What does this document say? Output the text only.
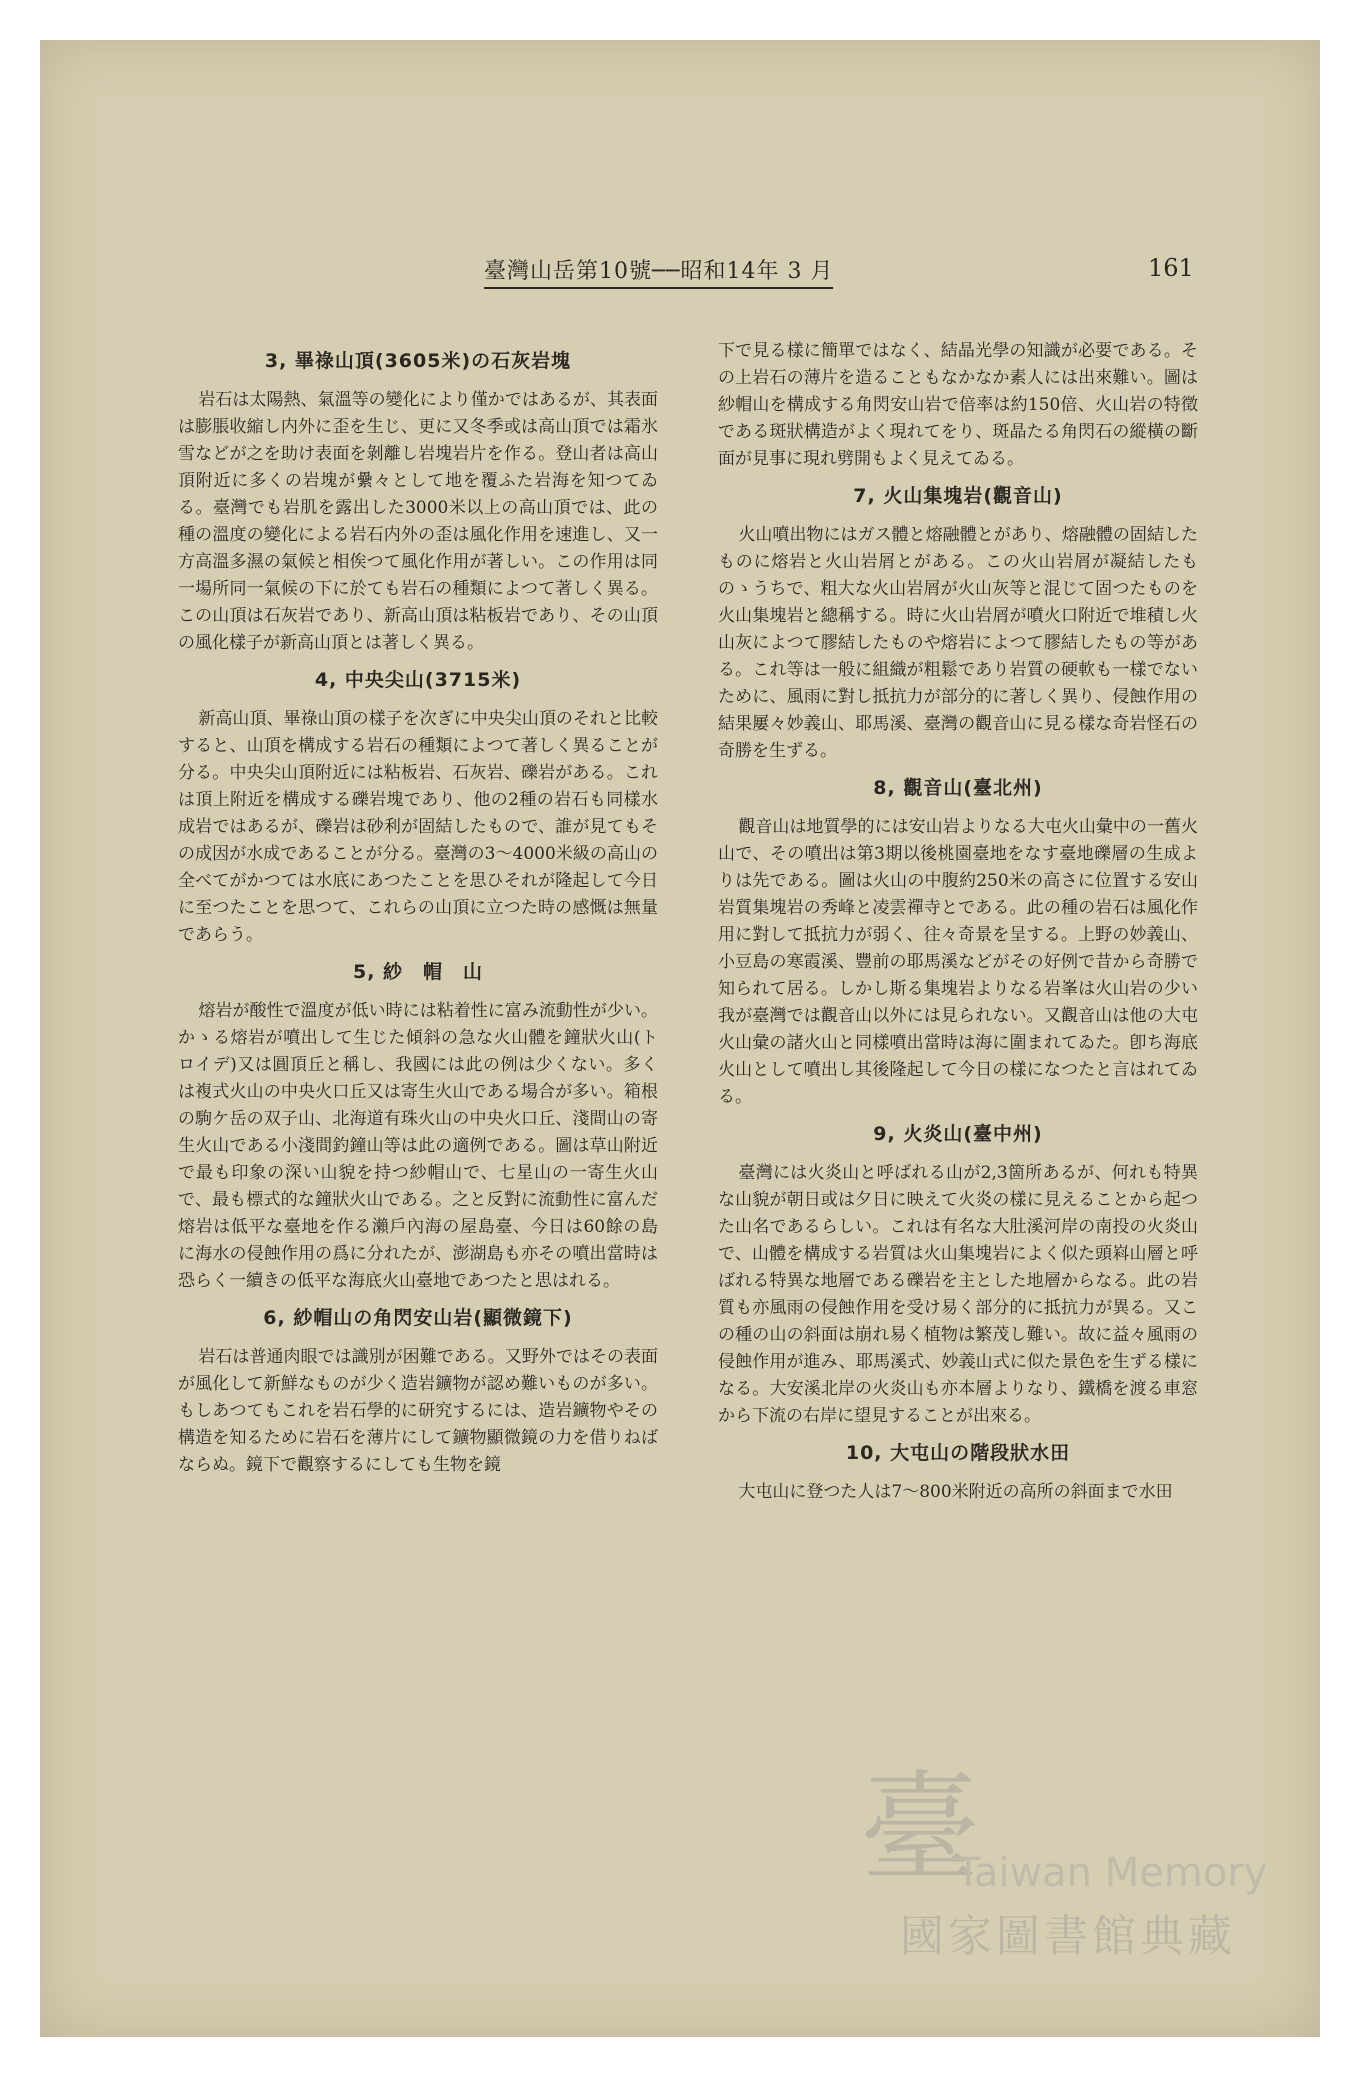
臺灣山岳第10號──昭和14年 3 月	161
3, 畢祿山頂(3605米)の石灰岩塊

岩石は太陽熱、氣溫等の變化により僅かではあるが、其表面は膨脹收縮し内外に歪を生じ、更に又冬季或は高山頂では霜氷雪などが之を助け表面を剝離し岩塊岩片を作る。登山者は高山頂附近に多くの岩塊が纍々として地を覆ふた岩海を知つてゐる。臺灣でも岩肌を露出した3000米以上の高山頂では、此の種の溫度の變化による岩石内外の歪は風化作用を速進し、又一方高溫多濕の氣候と相俟つて風化作用が著しい。この作用は同一場所同一氣候の下に於ても岩石の種類によつて著しく異る。この山頂は石灰岩であり、新高山頂は粘板岩であり、その山頂の風化樣子が新高山頂とは著しく異る。

4, 中央尖山(3715米)

新高山頂、畢祿山頂の樣子を次ぎに中央尖山頂のそれと比較すると、山頂を構成する岩石の種類によつて著しく異ることが分る。中央尖山頂附近には粘板岩、石灰岩、礫岩がある。これは頂上附近を構成する礫岩塊であり、他の2種の岩石も同樣水成岩ではあるが、礫岩は砂利が固結したもので、誰が見てもその成因が水成であることが分る。臺灣の3～4000米級の高山の全べてがかつては水底にあつたことを思ひそれが隆起して今日に至つたことを思つて、これらの山頂に立つた時の感慨は無量であらう。

5, 紗　帽　山

熔岩が酸性で溫度が低い時には粘着性に富み流動性が少い。かゝる熔岩が噴出して生じた傾斜の急な火山體を鐘狀火山(トロイデ)又は圓頂丘と稱し、我國には此の例は少くない。多くは複式火山の中央火口丘又は寄生火山である場合が多い。箱根の駒ケ岳の双子山、北海道有珠火山の中央火口丘、淺間山の寄生火山である小淺間釣鐘山等は此の適例である。圖は草山附近で最も印象の深い山貌を持つ紗帽山で、七星山の一寄生火山で、最も標式的な鐘狀火山である。之と反對に流動性に富んだ熔岩は低平な臺地を作る瀨戶內海の屋島臺、今日は60餘の島に海水の侵蝕作用の爲に分れたが、澎湖島も亦その噴出當時は恐らく一續きの低平な海底火山臺地であつたと思はれる。

6, 紗帽山の角閃安山岩(顯微鏡下)

岩石は普通肉眼では識別が困難である。又野外ではその表面が風化して新鮮なものが少く造岩鑛物が認め難いものが多い。もしあつてもこれを岩石學的に研究するには、造岩鑛物やその構造を知るために岩石を薄片にして鑛物顯微鏡の力を借りねばならぬ。鏡下で觀察するにしても生物を鏡

下で見る樣に簡單ではなく、結晶光學の知識が必要である。その上岩石の薄片を造ることもなかなか素人には出來難い。圖は紗帽山を構成する角閃安山岩で倍率は約150倍、火山岩の特徵である斑狀構造がよく現れてをり、斑晶たる角閃石の縱橫の斷面が見事に現れ劈開もよく見えてゐる。

7, 火山集塊岩(觀音山)

火山噴出物にはガス體と熔融體とがあり、熔融體の固結したものに熔岩と火山岩屑とがある。この火山岩屑が凝結したものゝうちで、粗大な火山岩屑が火山灰等と混じて固つたものを火山集塊岩と總稱する。時に火山岩屑が噴火口附近で堆積し火山灰によつて膠結したものや熔岩によつて膠結したもの等がある。これ等は一般に組織が粗鬆であり岩質の硬軟も一樣でないために、風雨に對し抵抗力が部分的に著しく異り、侵蝕作用の結果屢々妙義山、耶馬溪、臺灣の觀音山に見る樣な奇岩怪石の奇勝を生ずる。

8, 觀音山(臺北州)

觀音山は地質學的には安山岩よりなる大屯火山彙中の一舊火山で、その噴出は第3期以後桃園臺地をなす臺地礫層の生成よりは先である。圖は火山の中腹約250米の高さに位置する安山岩質集塊岩の秀峰と凌雲禪寺とである。此の種の岩石は風化作用に對して抵抗力が弱く、往々奇景を呈する。上野の妙義山、小豆島の寒霞溪、豐前の耶馬溪などがその好例で昔から奇勝で知られて居る。しかし斯る集塊岩よりなる岩峯は火山岩の少い我が臺灣では觀音山以外には見られない。又觀音山は他の大屯火山彙の諸火山と同樣噴出當時は海に圍まれてゐた。卽ち海底火山として噴出し其後隆起して今日の樣になつたと言はれてゐる。

9, 火炎山(臺中州)

臺灣には火炎山と呼ばれる山が2,3箇所あるが、何れも特異な山貌が朝日或は夕日に映えて火炎の樣に見えることから起つた山名であるらしい。これは有名な大肚溪河岸の南投の火炎山で、山體を構成する岩質は火山集塊岩によく似た頭嵙山層と呼ばれる特異な地層である礫岩を主とした地層からなる。此の岩質も亦風雨の侵蝕作用を受け易く部分的に抵抗力が異る。又この種の山の斜面は崩れ易く植物は繁茂し難い。故に益々風雨の侵蝕作用が進み、耶馬溪式、妙義山式に似た景色を生ずる樣になる。大安溪北岸の火炎山も亦本層よりなり、鐵橋を渡る車窓から下流の右岸に望見することが出來る。

10, 大屯山の階段狀水田

大屯山に登つた人は7～800米附近の高所の斜面まで水田

臺
Taiwan Memory
國家圖書館典藏
